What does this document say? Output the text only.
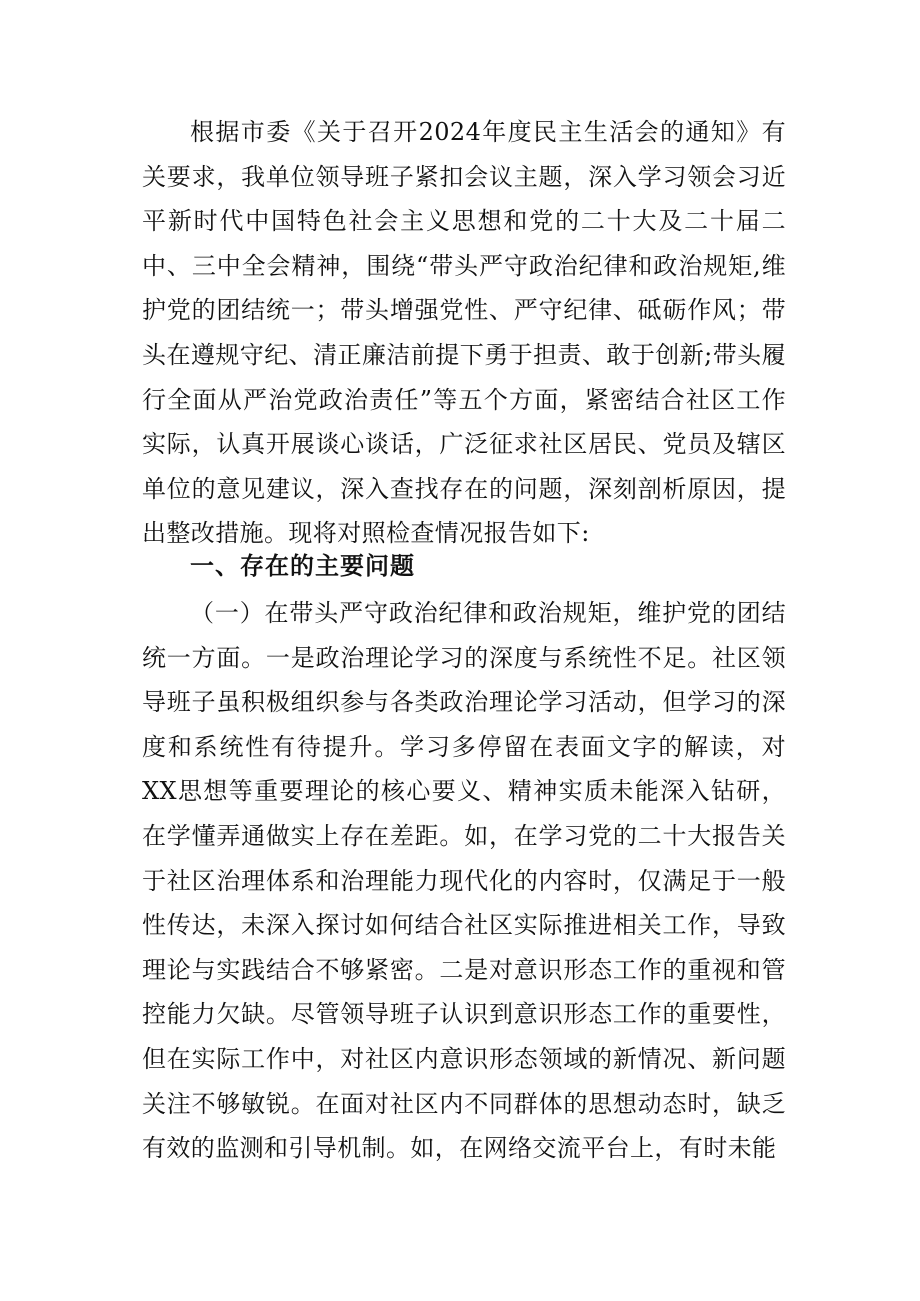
根据市委《关于召开2024年度民主生活会的通知》有关要求，我单位领导班子紧扣会议主题，深入学习领会习近平新时代中国特色社会主义思想和党的二十大及二十届二中、三中全会精神，围绕“带头严守政治纪律和政治规矩,维护党的团结统一；带头增强党性、严守纪律、砥砺作风；带头在遵规守纪、清正廉洁前提下勇于担责、敢于创新;带头履行全面从严治党政治责任”等五个方面，紧密结合社区工作实际，认真开展谈心谈话，广泛征求社区居民、党员及辖区单位的意见建议，深入查找存在的问题，深刻剖析原因，提出整改措施。现将对照检查情况报告如下:

一、存在的主要问题

（一）在带头严守政治纪律和政治规矩，维护党的团结统一方面。一是政治理论学习的深度与系统性不足。社区领导班子虽积极组织参与各类政治理论学习活动，但学习的深度和系统性有待提升。学习多停留在表面文字的解读，对XX思想等重要理论的核心要义、精神实质未能深入钻研，在学懂弄通做实上存在差距。如，在学习党的二十大报告关于社区治理体系和治理能力现代化的内容时，仅满足于一般性传达，未深入探讨如何结合社区实际推进相关工作，导致理论与实践结合不够紧密。二是对意识形态工作的重视和管控能力欠缺。尽管领导班子认识到意识形态工作的重要性，但在实际工作中，对社区内意识形态领域的新情况、新问题关注不够敏锐。在面对社区内不同群体的思想动态时，缺乏有效的监测和引导机制。如，在网络交流平台上，有时未能
